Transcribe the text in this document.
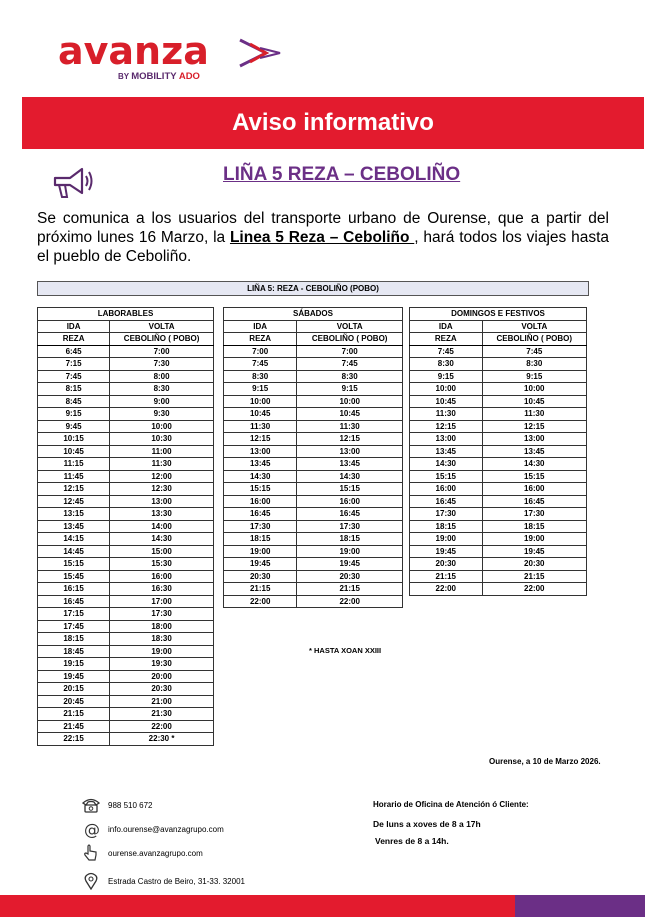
avanza
BY MOBILITY ADO
Aviso informativo
LIÑA 5 REZA – CEBOLIÑO
Se comunica a los usuarios del transporte urbano de Ourense, que a partir del próximo lunes 16 Marzo, la Linea 5 Reza – Ceboliño , hará todos los viajes hasta el pueblo de Ceboliño.
LIÑA 5: REZA - CEBOLIÑO (POBO)
LABORABLES	
IDA	VOLTA
REZA	CEBOLIÑO ( POBO)
6:45	7:00
7:15	7:30
7:45	8:00
8:15	8:30
8:45	9:00
9:15	9:30
9:45	10:00
10:15	10:30
10:45	11:00
11:15	11:30
11:45	12:00
12:15	12:30
12:45	13:00
13:15	13:30
13:45	14:00
14:15	14:30
14:45	15:00
15:15	15:30
15:45	16:00
16:15	16:30
16:45	17:00
17:15	17:30
17:45	18:00
18:15	18:30
18:45	19:00
19:15	19:30
19:45	20:00
20:15	20:30
20:45	21:00
21:15	21:30
21:45	22:00
22:15	22:30 *
SÁBADOS	
IDA	VOLTA
REZA	CEBOLIÑO ( POBO)
7:00	7:00
7:45	7:45
8:30	8:30
9:15	9:15
10:00	10:00
10:45	10:45
11:30	11:30
12:15	12:15
13:00	13:00
13:45	13:45
14:30	14:30
15:15	15:15
16:00	16:00
16:45	16:45
17:30	17:30
18:15	18:15
19:00	19:00
19:45	19:45
20:30	20:30
21:15	21:15
22:00	22:00
DOMINGOS E FESTIVOS	
IDA	VOLTA
REZA	CEBOLIÑO ( POBO)
7:45	7:45
8:30	8:30
9:15	9:15
10:00	10:00
10:45	10:45
11:30	11:30
12:15	12:15
13:00	13:00
13:45	13:45
14:30	14:30
15:15	15:15
16:00	16:00
16:45	16:45
17:30	17:30
18:15	18:15
19:00	19:00
19:45	19:45
20:30	20:30
21:15	21:15
22:00	22:00
* HASTA XOAN XXIII
Ourense, a 10 de Marzo 2026.
988 510 672
@ info.ourense@avanzagrupo.com
ourense.avanzagrupo.com
Estrada Castro de Beiro, 31-33. 32001
Horario de Oficina de Atención ó Cliente:
De luns a xoves de 8 a 17h
Venres de 8 a 14h.
